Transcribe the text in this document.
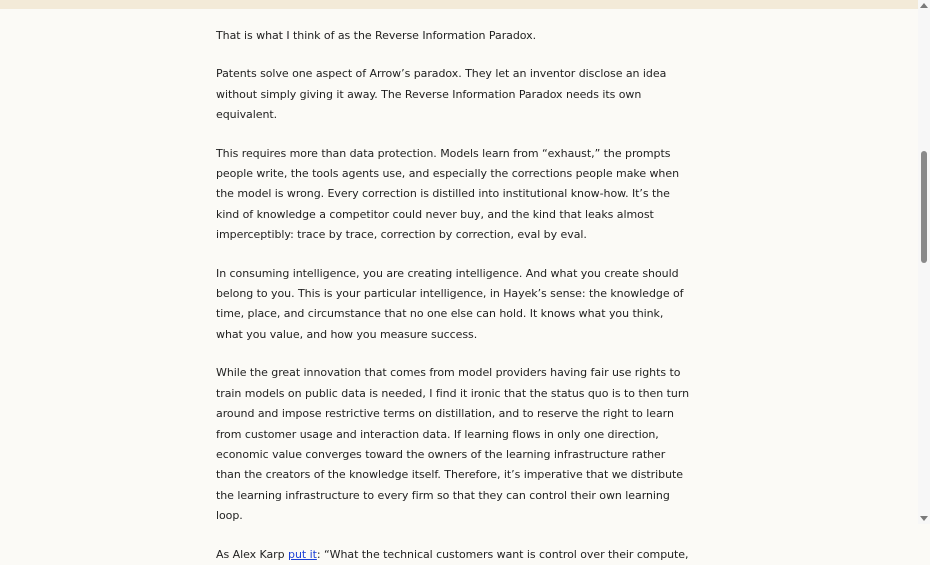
That is what I think of as the Reverse Information Paradox.

Patents solve one aspect of Arrow’s paradox. They let an inventor disclose an idea without simply giving it away. The Reverse Information Paradox needs its own equivalent.

This requires more than data protection. Models learn from “exhaust,” the prompts people write, the tools agents use, and especially the corrections people make when the model is wrong. Every correction is distilled into institutional know-how. It’s the kind of knowledge a competitor could never buy, and the kind that leaks almost imperceptibly: trace by trace, correction by correction, eval by eval.

In consuming intelligence, you are creating intelligence. And what you create should belong to you. This is your particular intelligence, in Hayek’s sense: the knowledge of time, place, and circumstance that no one else can hold. It knows what you think, what you value, and how you measure success.

While the great innovation that comes from model providers having fair use rights to train models on public data is needed, I find it ironic that the status quo is to then turn around and impose restrictive terms on distillation, and to reserve the right to learn from customer usage and interaction data. If learning flows in only one direction, economic value converges toward the owners of the learning infrastructure rather than the creators of the knowledge itself. Therefore, it’s imperative that we distribute the learning infrastructure to every firm so that they can control their own learning loop.

As Alex Karp put it: “What the technical customers want is control over their compute,
